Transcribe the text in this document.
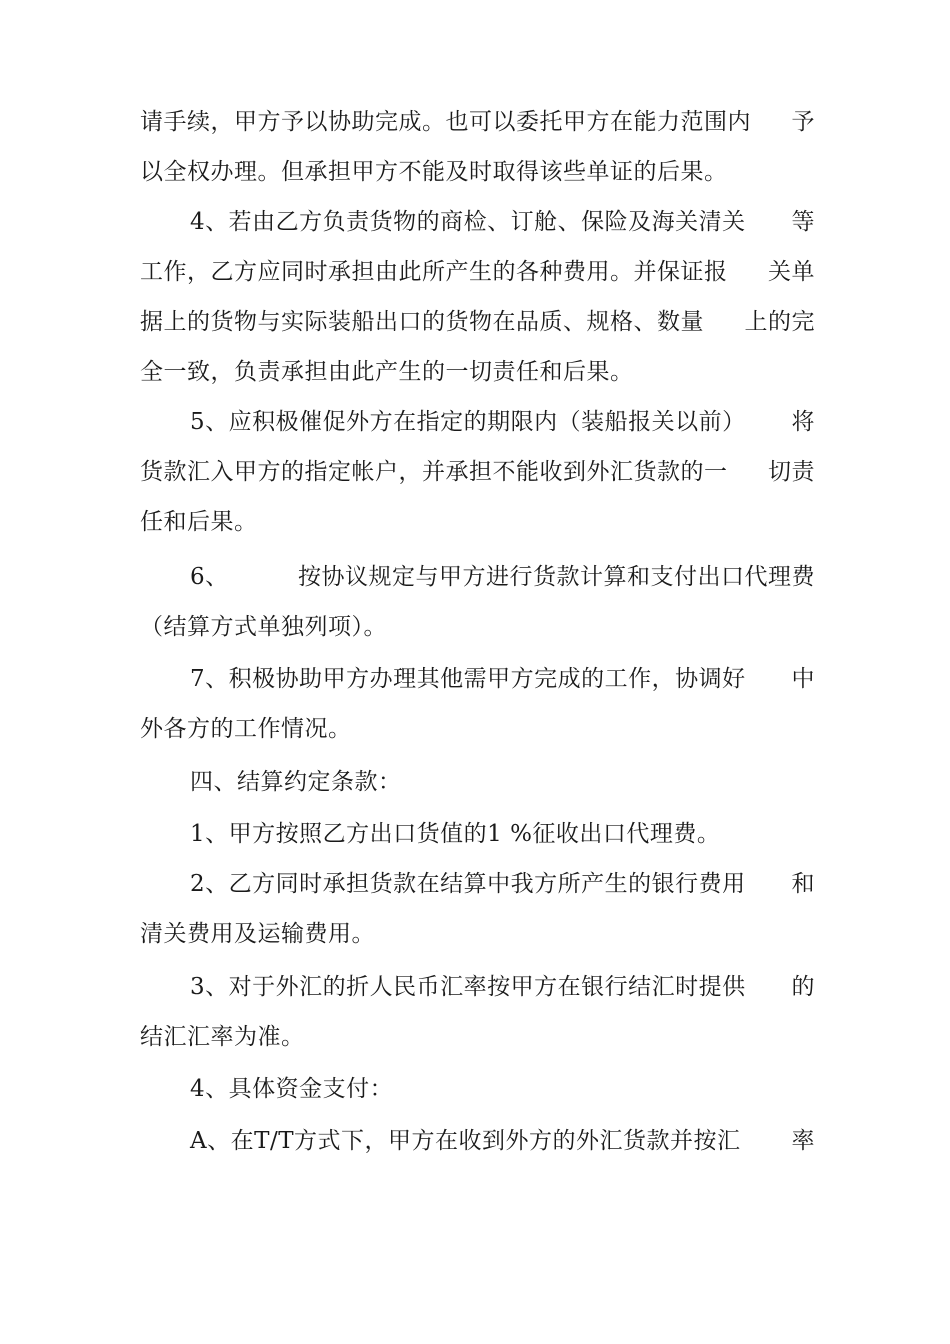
请手续，甲方予以协助完成。也可以委托甲方在能力范围内 予
以全权办理。但承担甲方不能及时取得该些单证的后果。
4、若由乙方负责货物的商检、订舱、保险及海关清关 等
工作，乙方应同时承担由此所产生的各种费用。并保证报 关单
据上的货物与实际装船出口的货物在品质、规格、数量 上的完
全一致，负责承担由此产生的一切责任和后果。
5、应积极催促外方在指定的期限内（装船报关以前） 将
货款汇入甲方的指定帐户，并承担不能收到外汇货款的一 切责
任和后果。
6、	按协议规定与甲方进行货款计算和支付出口代理费
（结算方式单独列项）。
7、积极协助甲方办理其他需甲方完成的工作，协调好 中
外各方的工作情况。
四、结算约定条款：
1、甲方按照乙方出口货值的1 %征收出口代理费。
2、乙方同时承担货款在结算中我方所产生的银行费用 和
清关费用及运输费用。
3、对于外汇的折人民币汇率按甲方在银行结汇时提供 的
结汇汇率为准。
4、具体资金支付：
A、在T/T方式下，甲方在收到外方的外汇货款并按汇 率
